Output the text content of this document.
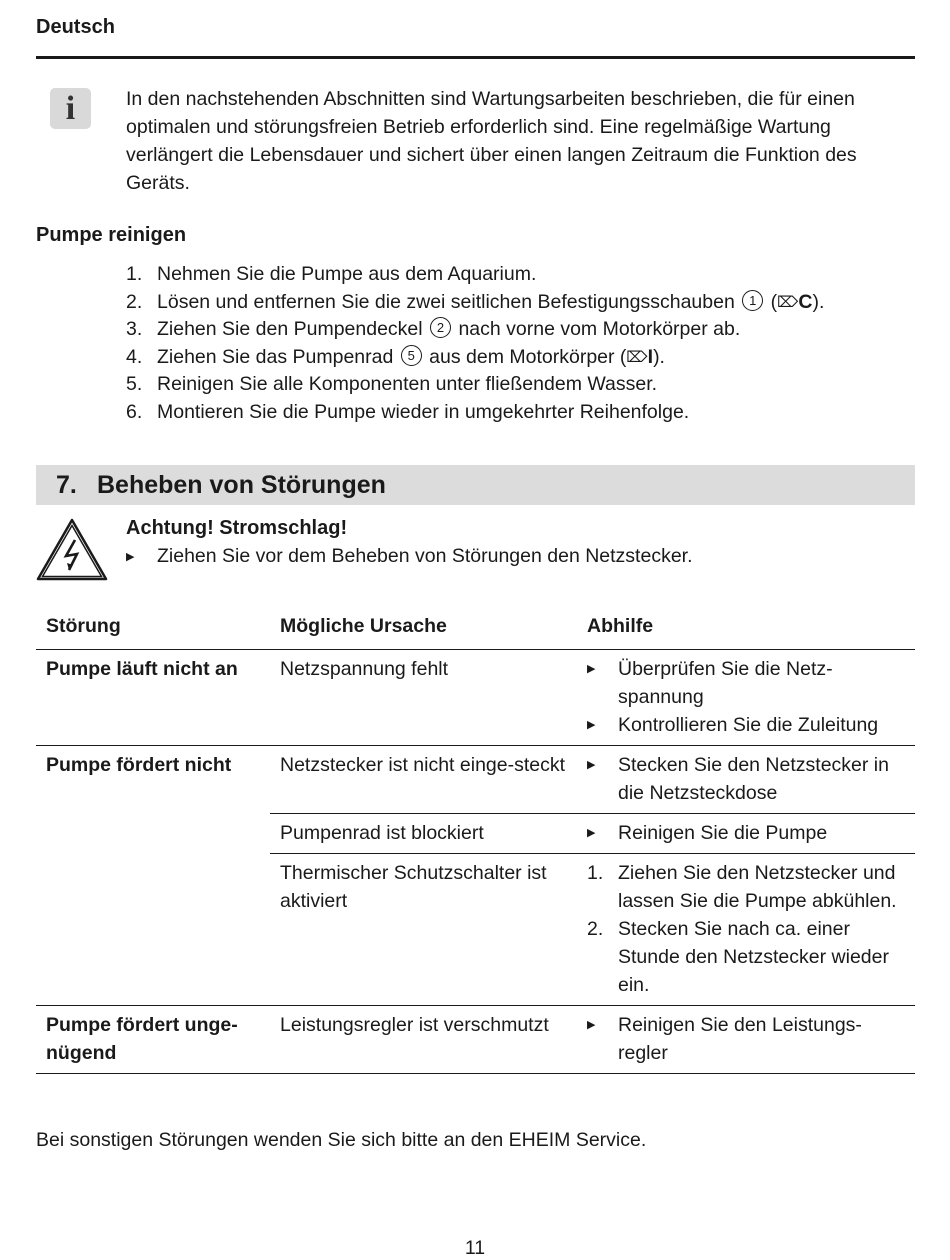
Deutsch
i	In den nachstehenden Abschnitten sind Wartungsarbeiten beschrieben, die für einen optimalen und störungsfreien Betrieb erforderlich sind. Eine regelmäßige Wartung verlängert die Lebensdauer und sichert über einen langen Zeitraum die Funktion des Geräts.
Pumpe reinigen
1. Nehmen Sie die Pumpe aus dem Aquarium.
2. Lösen und entfernen Sie die zwei seitlichen Befestigungsschauben
	1 ( ⌦ C ).
3. Ziehen Sie den Pumpendeckel
	2
nach vorne vom Motorkörper ab.
4. Ziehen Sie das Pumpenrad
	5
aus dem Motorkörper ( ⌦ I ).
5. Reinigen Sie alle Komponenten unter fließendem Wasser.
6. Montieren Sie die Pumpe wieder in umgekehrter Reihenfolge.
7. Beheben von Störungen
Achtung! Stromschlag!
▶ Ziehen Sie vor dem Beheben von Störungen den Netzstecker.
Störung	Mögliche Ursache	Abhilfe
Pumpe läuft nicht an	Netzspannung fehlt	▶ Überprüfen Sie die Netz-spannung
▶ Kontrollieren Sie die Zuleitung

Pumpe fördert nicht	Netzstecker ist nicht einge-steckt	▶ Stecken Sie den Netzstecker in die Netzsteckdose

	Pumpenrad ist blockiert	▶ Reinigen Sie die Pumpe

	Thermischer Schutzschalter ist aktiviert	1. Ziehen Sie den Netzstecker und lassen Sie die Pumpe abkühlen.
2. Stecken Sie nach ca. einer Stunde den Netzstecker wieder ein.

Pumpe fördert unge-nügend	Leistungsregler ist verschmutzt	▶ Reinigen Sie den Leistungs-regler
Bei sonstigen Störungen wenden Sie sich bitte an den EHEIM Service.
11
